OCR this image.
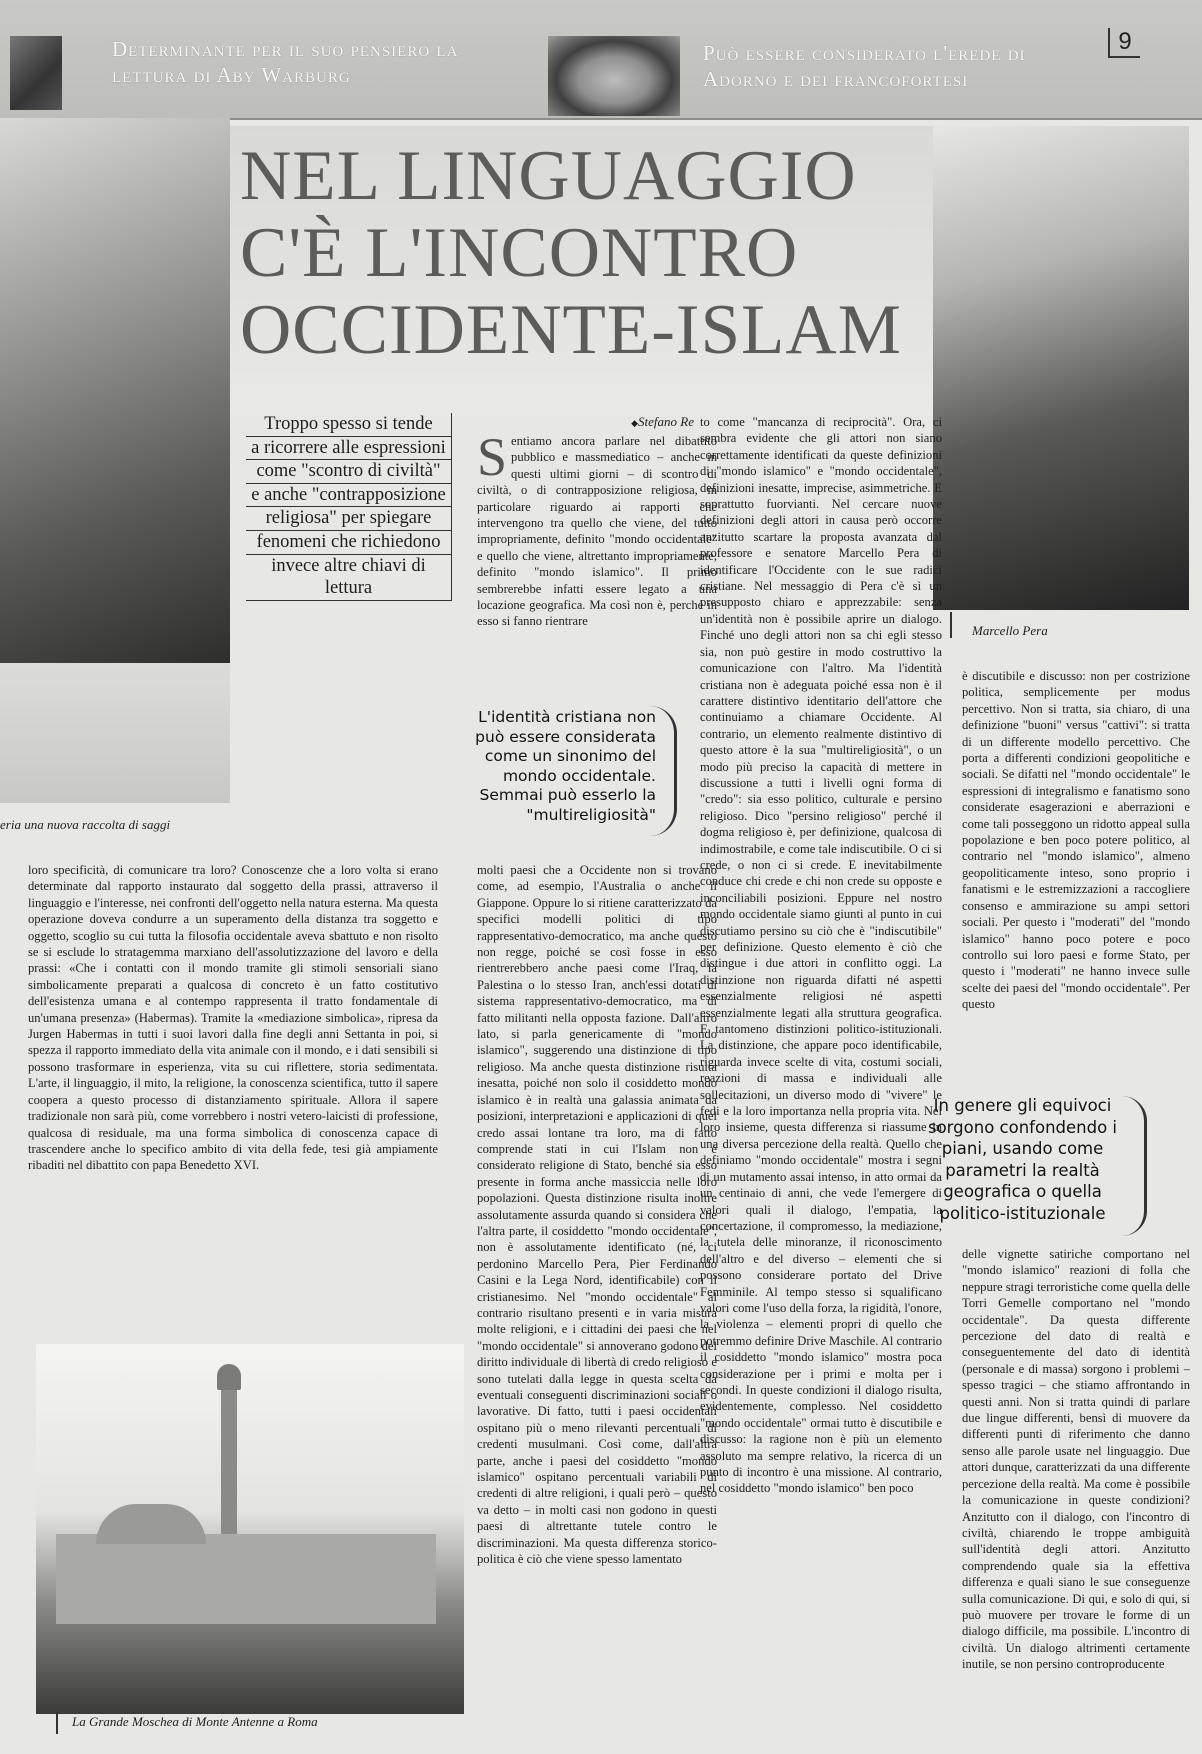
Determinante per il suo pensiero la lettura di Aby Warburg
Può essere considerato l'erede di Adorno e dei francofortesi
9
eria una nuova raccolta di saggi
NEL LINGUAGGIO C'È L'INCONTRO OCCIDENTE-ISLAM
Marcello Pera
Troppo spesso si tende
a ricorrere alle espressioni
come "scontro di civiltà"
e anche "contrapposizione
religiosa" per spiegare
fenomeni che richiedono
invece altre chiavi di lettura
◆ Stefano Re
Sentiamo ancora parlare nel dibattito pubblico e massmediatico – anche in questi ultimi giorni – di scontro di civiltà, o di contrapposizione religiosa, in particolare riguardo ai rapporti che intervengono tra quello che viene, del tutto impropriamente, definito "mondo occidentale" e quello che viene, altrettanto impropriamente, definito "mondo islamico". Il primo sembrerebbe infatti essere legato a una locazione geografica. Ma così non è, perché in esso si fanno rientrare
L'identità cristiana non può essere considerata come un sinonimo del mondo occidentale. Semmai può esserlo la "multireligiosità"
molti paesi che a Occidente non si trovano come, ad esempio, l'Australia o anche il Giappone. Oppure lo si ritiene caratterizzato da specifici modelli politici di tipo rappresentativo-democratico, ma anche questo non regge, poiché se così fosse in esso rientrerebbero anche paesi come l'Iraq, la Palestina o lo stesso Iran, anch'essi dotati di sistema rappresentativo-democratico, ma di fatto militanti nella opposta fazione. Dall'altro lato, si parla genericamente di "mondo islamico", suggerendo una distinzione di tipo religioso. Ma anche questa distinzione risulta inesatta, poiché non solo il cosiddetto mondo islamico è in realtà una galassia animata da posizioni, interpretazioni e applicazioni di quel credo assai lontane tra loro, ma di fatto comprende stati in cui l'Islam non è considerato religione di Stato, benché sia esso presente in forma anche massiccia nelle loro popolazioni. Questa distinzione risulta inoltre assolutamente assurda quando si considera che l'altra parte, il cosiddetto "mondo occidentale", non è assolutamente identificato (né, ci perdonino Marcello Pera, Pier Ferdinando Casini e la Lega Nord, identificabile) con il cristianesimo. Nel "mondo occidentale" al contrario risultano presenti e in varia misura molte religioni, e i cittadini dei paesi che nel "mondo occidentale" si annoverano godono del diritto individuale di libertà di credo religioso e sono tutelati dalla legge in questa scelta da eventuali conseguenti discriminazioni sociali o lavorative. Di fatto, tutti i paesi occidentali ospitano più o meno rilevanti percentuali di credenti musulmani. Così come, dall'altra parte, anche i paesi del cosiddetto "mondo islamico" ospitano percentuali variabili di credenti di altre religioni, i quali però – questo va detto – in molti casi non godono in questi paesi di altrettante tutele contro le discriminazioni. Ma questa differenza storico-politica è ciò che viene spesso lamentato
to come "mancanza di reciprocità". Ora, ci sembra evidente che gli attori non siano correttamente identificati da queste definizioni di "mondo islamico" e "mondo occidentale", definizioni inesatte, imprecise, asimmetriche. E soprattutto fuorvianti. Nel cercare nuove definizioni degli attori in causa però occorre anzitutto scartare la proposta avanzata dal professore e senatore Marcello Pera di identificare l'Occidente con le sue radici cristiane. Nel messaggio di Pera c'è sì un presupposto chiaro e apprezzabile: senza un'identità non è possibile aprire un dialogo. Finché uno degli attori non sa chi egli stesso sia, non può gestire in modo costruttivo la comunicazione con l'altro. Ma l'identità cristiana non è adeguata poiché essa non è il carattere distintivo identitario dell'attore che continuiamo a chiamare Occidente. Al contrario, un elemento realmente distintivo di questo attore è la sua "multireligiosità", o un modo più preciso la capacità di mettere in discussione a tutti i livelli ogni forma di "credo": sia esso politico, culturale e persino religioso. Dico "persino religioso" perché il dogma religioso è, per definizione, qualcosa di indimostrabile, e come tale indiscutibile. O ci si crede, o non ci si crede. E inevitabilmente conduce chi crede e chi non crede su opposte e inconciliabili posizioni. Eppure nel nostro mondo occidentale siamo giunti al punto in cui discutiamo persino su ciò che è "indiscutibile" per definizione. Questo elemento è ciò che distingue i due attori in conflitto oggi. La distinzione non riguarda difatti né aspetti essenzialmente religiosi né aspetti essenzialmente legati alla struttura geografica. E tantomeno distinzioni politico-istituzionali. La distinzione, che appare poco identificabile, riguarda invece scelte di vita, costumi sociali, reazioni di massa e individuali alle sollecitazioni, un diverso modo di "vivere" le fedi e la loro importanza nella propria vita. Nel loro insieme, questa differenza si riassume in una diversa percezione della realtà. Quello che definiamo "mondo occidentale" mostra i segni di un mutamento assai intenso, in atto ormai da un centinaio di anni, che vede l'emergere di valori quali il dialogo, l'empatia, la concertazione, il compromesso, la mediazione, la tutela delle minoranze, il riconoscimento dell'altro e del diverso – elementi che si possono considerare portato del Drive Femminile. Al tempo stesso si squalificano valori come l'uso della forza, la rigidità, l'onore, la violenza – elementi propri di quello che potremmo definire Drive Maschile. Al contrario il cosiddetto "mondo islamico" mostra poca considerazione per i primi e molta per i secondi. In queste condizioni il dialogo risulta, evidentemente, complesso. Nel cosiddetto "mondo occidentale" ormai tutto è discutibile e discusso: la ragione non è più un elemento assoluto ma sempre relativo, la ricerca di un punto di incontro è una missione. Al contrario, nel cosiddetto "mondo islamico" ben poco
è discutibile e discusso: non per costrizione politica, semplicemente per modus percettivo. Non si tratta, sia chiaro, di una definizione "buoni" versus "cattivi": si tratta di un differente modello percettivo. Che porta a differenti condizioni geopolitiche e sociali. Se difatti nel "mondo occidentale" le espressioni di integralismo e fanatismo sono considerate esagerazioni e aberrazioni e come tali posseggono un ridotto appeal sulla popolazione e ben poco potere politico, al contrario nel "mondo islamico", almeno geopoliticamente inteso, sono proprio i fanatismi e le estremizzazioni a raccogliere consenso e ammirazione su ampi settori sociali. Per questo i "moderati" del "mondo islamico" hanno poco potere e poco controllo sui loro paesi e forme Stato, per questo i "moderati" ne hanno invece sulle scelte dei paesi del "mondo occidentale". Per questo
In genere gli equivoci sorgono confondendo i piani, usando come parametri la realtà geografica o quella politico-istituzionale
delle vignette satiriche comportano nel "mondo islamico" reazioni di folla che neppure stragi terroristiche come quella delle Torri Gemelle comportano nel "mondo occidentale". Da questa differente percezione del dato di realtà e conseguentemente del dato di identità (personale e di massa) sorgono i problemi – spesso tragici – che stiamo affrontando in questi anni. Non si tratta quindi di parlare due lingue differenti, bensì di muovere da differenti punti di riferimento che danno senso alle parole usate nel linguaggio. Due attori dunque, caratterizzati da una differente percezione della realtà. Ma come è possibile la comunicazione in queste condizioni? Anzitutto con il dialogo, con l'incontro di civiltà, chiarendo le troppe ambiguità sull'identità degli attori. Anzitutto comprendendo quale sia la effettiva differenza e quali siano le sue conseguenze sulla comunicazione. Di qui, e solo di qui, si può muovere per trovare le forme di un dialogo difficile, ma possibile. L'incontro di civiltà. Un dialogo altrimenti certamente inutile, se non persino controproducente
loro specificità, di comunicare tra loro? Conoscenze che a loro volta si erano determinate dal rapporto instaurato dal soggetto della prassi, attraverso il linguaggio e l'interesse, nei confronti dell'oggetto nella natura esterna. Ma questa operazione doveva condurre a un superamento della distanza tra soggetto e oggetto, scoglio su cui tutta la filosofia occidentale aveva sbattuto e non risolto se si esclude lo stratagemma marxiano dell'assolutizzazione del lavoro e della prassi: «Che i contatti con il mondo tramite gli stimoli sensoriali siano simbolicamente preparati a qualcosa di concreto è un fatto costitutivo dell'esistenza umana e al contempo rappresenta il tratto fondamentale di un'umana presenza» (Habermas). Tramite la «mediazione simbolica», ripresa da Jurgen Habermas in tutti i suoi lavori dalla fine degli anni Settanta in poi, si spezza il rapporto immediato della vita animale con il mondo, e i dati sensibili si possono trasformare in esperienza, vita su cui riflettere, storia sedimentata. L'arte, il linguaggio, il mito, la religione, la conoscenza scientifica, tutto il sapere coopera a questo processo di distanziamento spirituale. Allora il sapere tradizionale non sarà più, come vorrebbero i nostri vetero-laicisti di professione, qualcosa di residuale, ma una forma simbolica di conoscenza capace di trascendere anche lo specifico ambito di vita della fede, tesi già ampiamente ribaditi nel dibattito con papa Benedetto XVI.
La Grande Moschea di Monte Antenne a Roma
